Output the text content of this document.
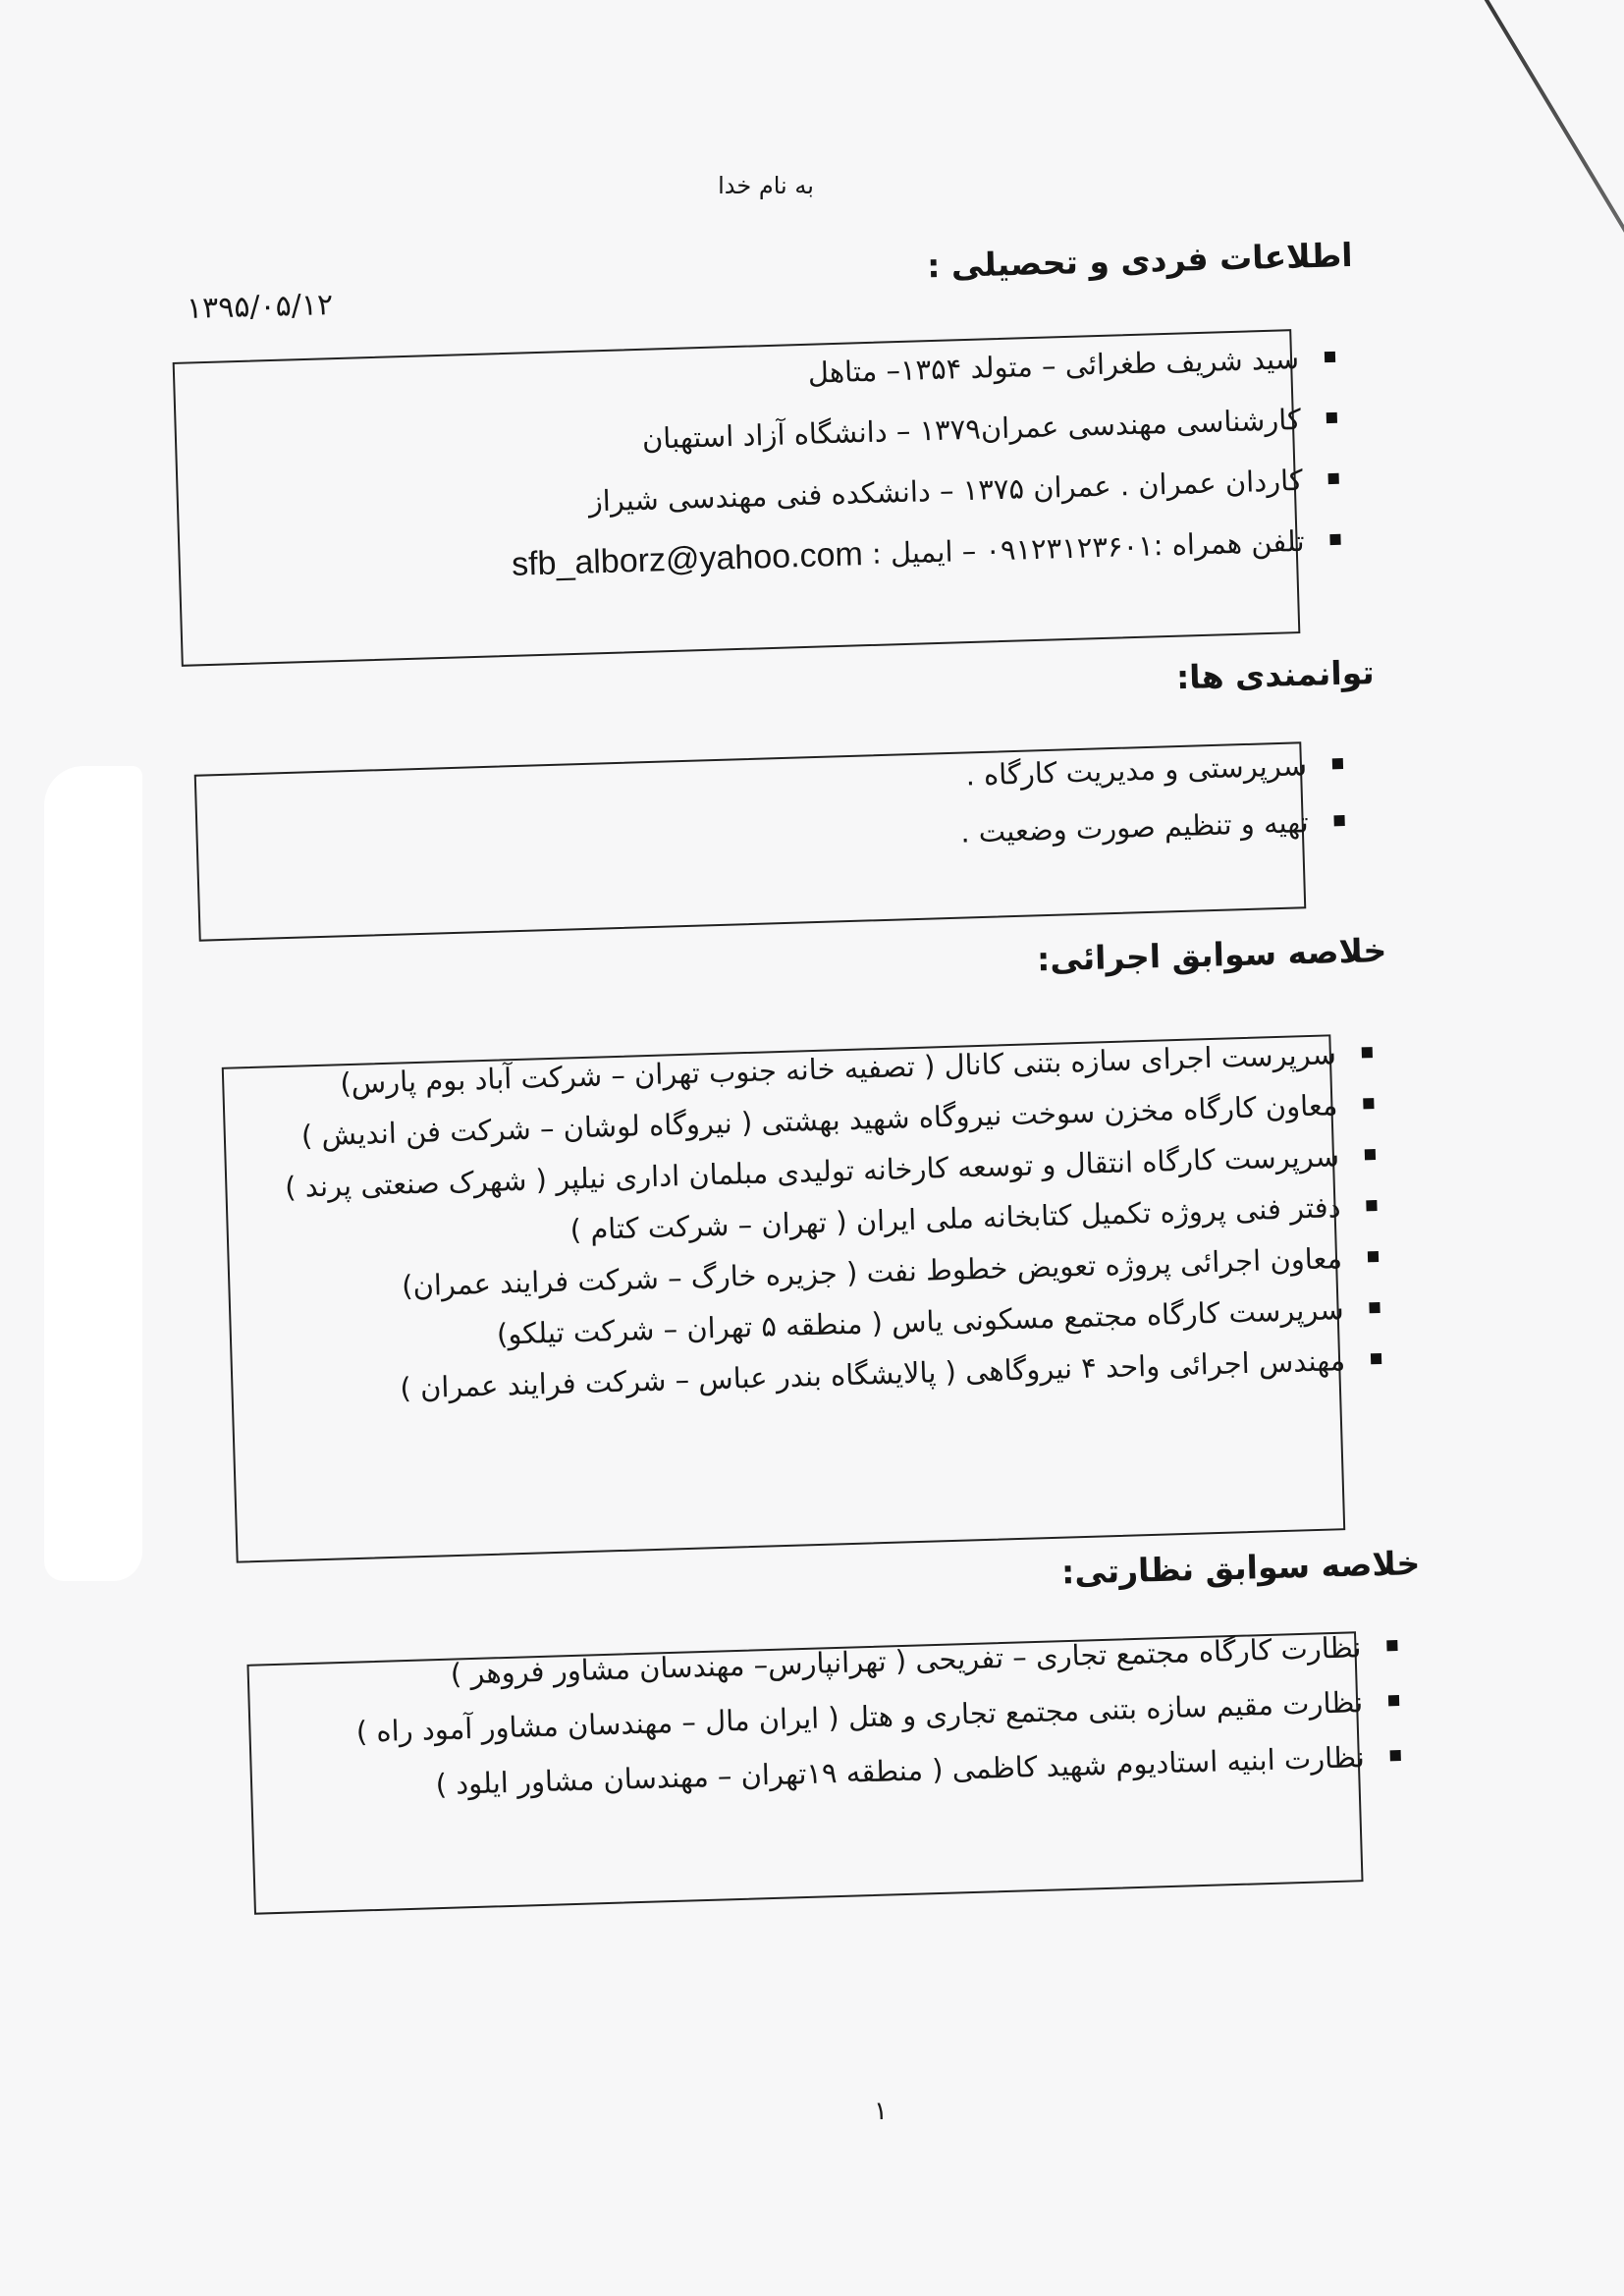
به نام خدا
اطلاعات فردی و تحصیلی :
۱۳۹۵/۰۵/۱۲
سید شریف طغرائی – متولد ۱۳۵۴– متاهل
کارشناسی مهندسی عمران۱۳۷۹ – دانشگاه آزاد استهبان
کاردان عمران . عمران ۱۳۷۵ – دانشکده فنی مهندسی شیراز
تلفن همراه :۰۹۱۲۳۱۲۳۶۰۱ – ایمیل :

sfb_alborz@yahoo.com
توانمندی ها:
سرپرستی و مدیریت کارگاه .
تهیه و تنظیم صورت وضعیت .
خلاصه سوابق اجرائی:
سرپرست اجرای سازه بتنی کانال ( تصفیه خانه جنوب تهران – شرکت آباد بوم پارس)
معاون کارگاه مخزن سوخت نیروگاه شهید بهشتی ( نیروگاه لوشان – شرکت فن اندیش )
سرپرست کارگاه انتقال و توسعه کارخانه تولیدی مبلمان اداری نیلپر ( شهرک صنعتی پرند )
دفتر فنی پروژه تکمیل کتابخانه ملی ایران ( تهران – شرکت کتام )
معاون اجرائی پروژه تعویض خطوط نفت ( جزیره خارگ – شرکت فرایند عمران)
سرپرست کارگاه مجتمع مسکونی یاس ( منطقه ۵ تهران – شرکت تیلکو)
مهندس اجرائی واحد ۴ نیروگاهی ( پالایشگاه بندر عباس – شرکت فرایند عمران )
خلاصه سوابق نظارتی:
نظارت کارگاه مجتمع تجاری – تفریحی ( تهرانپارس– مهندسان مشاور فروهر )
نظارت مقیم سازه بتنی مجتمع تجاری و هتل ( ایران مال – مهندسان مشاور آمود راه )
نظارت ابنیه استادیوم شهید کاظمی ( منطقه ۱۹تهران – مهندسان مشاور ایلود )
۱
